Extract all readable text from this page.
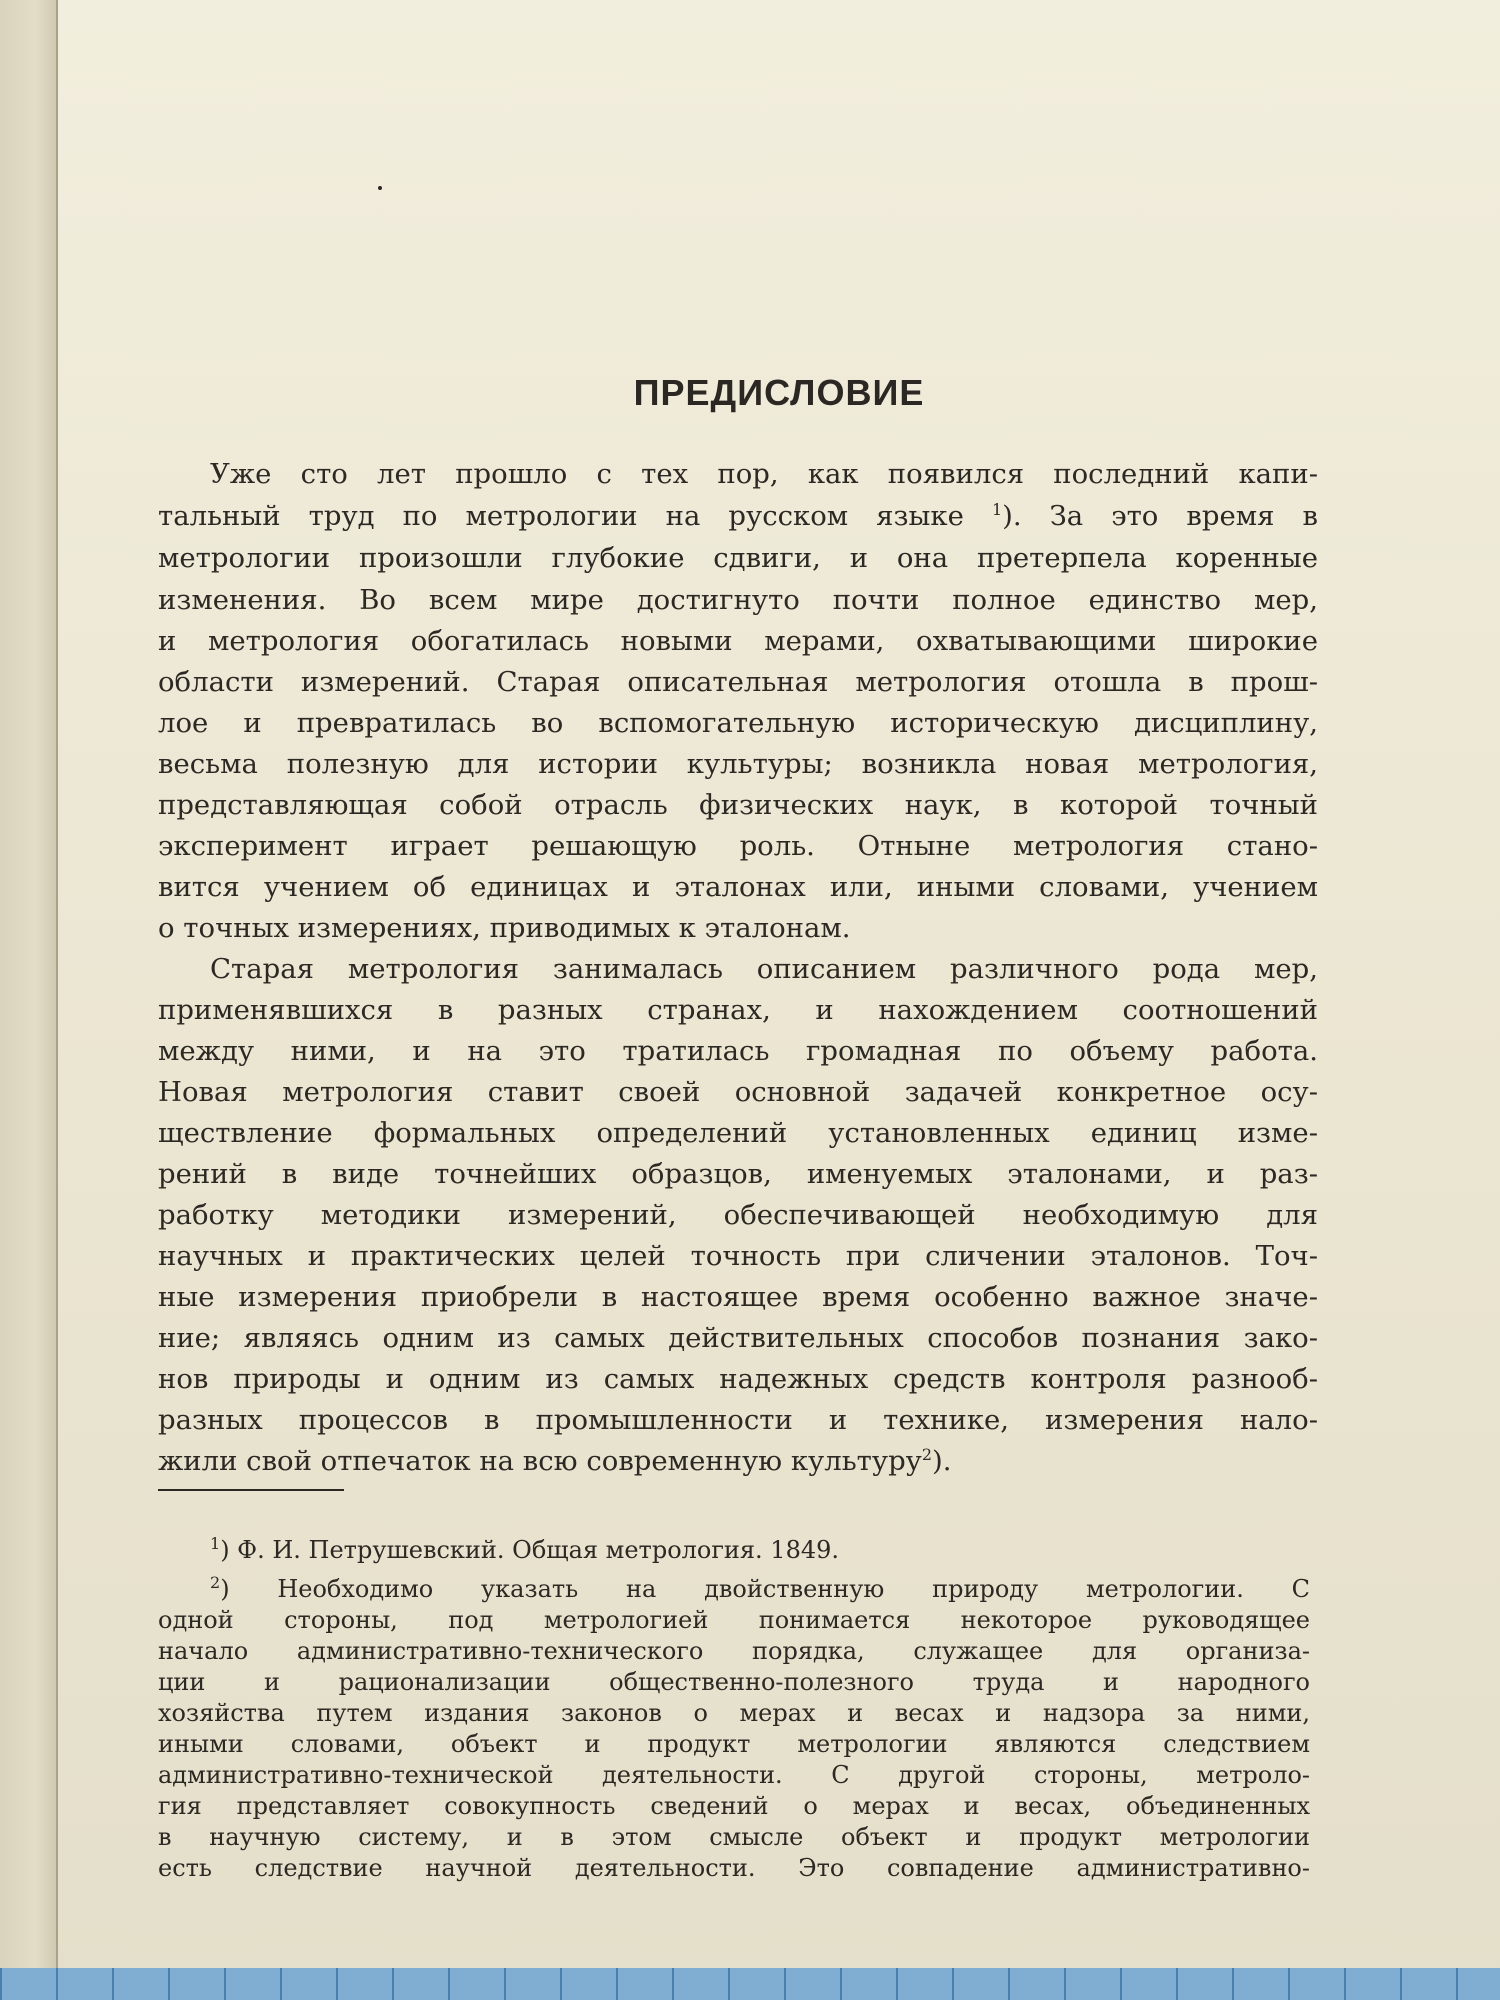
ПРЕДИСЛОВИЕ
Уже сто лет прошло с тех пор, как появился последний капи-
тальный труд по метрологии на русском языке $^1$). За это время в
метрологии произошли глубокие сдвиги, и она претерпела коренные
изменения. Во всем мире достигнуто почти полное единство мер,
и метрология обогатилась новыми мерами, охватывающими широкие
области измерений. Старая описательная метрология отошла в прош-
лое и превратилась во вспомогательную историческую дисциплину,
весьма полезную для истории культуры; возникла новая метрология,
представляющая собой отрасль физических наук, в которой точный
эксперимент играет решающую роль. Отныне метрология стано-
вится учением об единицах и эталонах или, иными словами, учением
о точных измерениях, приводимых к эталонам.
Старая метрология занималась описанием различного рода мер,
применявшихся в разных странах, и нахождением соотношений
между ними, и на это тратилась громадная по объему работа.
Новая метрология ставит своей основной задачей конкретное осу-
ществление формальных определений установленных единиц изме-
рений в виде точнейших образцов, именуемых эталонами, и раз-
работку методики измерений, обеспечивающей необходимую для
научных и практических целей точность при сличении эталонов. Точ-
ные измерения приобрели в настоящее время особенно важное значе-
ние; являясь одним из самых действительных способов познания зако-
нов природы и одним из самых надежных средств контроля разнооб-
разных процессов в промышленности и технике, измерения нало-
жили свой отпечаток на всю современную культуру$^2$).
$^1$) Ф. И. Петрушевский. Общая метрология. 1849.
$^2$) Необходимо указать на двойственную природу метрологии. С
одной стороны, под метрологией понимается некоторое руководящее
начало административно-технического порядка, служащее для организа-
ции и рационализации общественно-полезного труда и народного
хозяйства путем издания законов о мерах и весах и надзора за ними,
иными словами, объект и продукт метрологии являются следствием
административно-технической деятельности. С другой стороны, метроло-
гия представляет совокупность сведений о мерах и весах, объединенных
в научную систему, и в этом смысле объект и продукт метрологии
есть следствие научной деятельности. Это совпадение административно-
